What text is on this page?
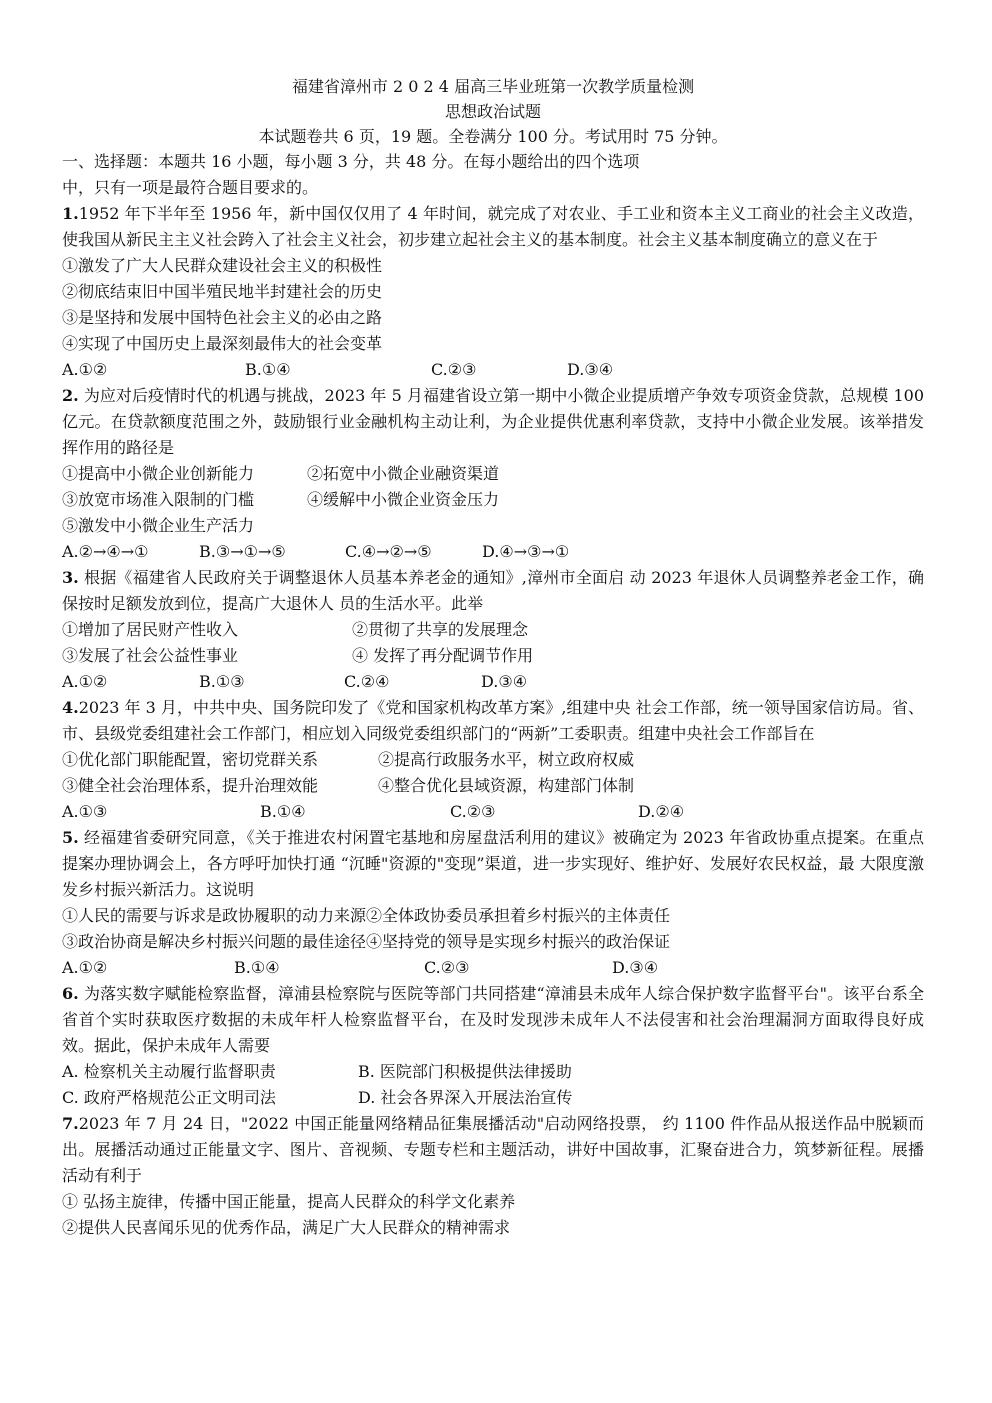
福建省漳州市 2 0 2 4 届高三毕业班第一次教学质量检测
思想政治试题
本试题卷共 6 页，19 题。全卷满分 100 分。考试用时 75 分钟。
一、选择题：本题共 16 小题，每小题 3 分，共 48 分。在每小题给出的四个选项
中，只有一项是最符合题目要求的。
1.1952 年下半年至 1956 年，新中国仅仅用了 4 年时间，就完成了对农业、手工业和资本主义工商业的社会主义改造，使我国从新民主主义社会跨入了社会主义社会，初步建立起社会主义的基本制度。社会主义基本制度确立的意义在于
①激发了广大人民群众建设社会主义的积极性
②彻底结束旧中国半殖民地半封建社会的历史
③是坚持和发展中国特色社会主义的必由之路
④实现了中国历史上最深刻最伟大的社会变革
A.①②	B.①④	C.②③	D.③④
2. 为应对后疫情时代的机遇与挑战，2023 年 5 月福建省设立第一期中小微企业提质增产争效专项资金贷款，总规模 100 亿元。在贷款额度范围之外，鼓励银行业金融机构主动让利，为企业提供优惠利率贷款，支持中小微企业发展。该举措发挥作用的路径是
①提高中小微企业创新能力	②拓宽中小微企业融资渠道
③放宽市场准入限制的门槛	④缓解中小微企业资金压力
⑤激发中小微企业生产活力
A.②→④→①	B.③→①→⑤	C.④→②→⑤	D.④→③→①
3. 根据《福建省人民政府关于调整退休人员基本养老金的通知》,漳州市全面启 动 2023 年退休人员调整养老金工作，确保按时足额发放到位，提高广大退休人 员的生活水平。此举
①增加了居民财产性收入	②贯彻了共享的发展理念
③发展了社会公益性事业	④ 发挥了再分配调节作用
A.①②	B.①③	C.②④	D.③④
4.2023 年 3 月，中共中央、国务院印发了《党和国家机构改革方案》,组建中央 社会工作部，统一领导国家信访局。省、市、县级党委组建社会工作部门，相应划入同级党委组织部门的“两新”工委职责。组建中央社会工作部旨在
①优化部门职能配置，密切党群关系	②提高行政服务水平，树立政府权威
③健全社会治理体系，提升治理效能	④整合优化县域资源，构建部门体制
A.①③	B.①④	C.②③	D.②④
5. 经福建省委研究同意，《关于推进农村闲置宅基地和房屋盘活利用的建议》被确定为 2023 年省政协重点提案。在重点提案办理协调会上，各方呼吁加快打通 “沉睡"资源的"变现”渠道，进一步实现好、维护好、发展好农民权益，最 大限度激发乡村振兴新活力。这说明
①人民的需要与诉求是政协履职的动力来源②全体政协委员承担着乡村振兴的主体责任
③政治协商是解决乡村振兴问题的最佳途径④坚持党的领导是实现乡村振兴的政治保证
A.①②	B.①④	C.②③	D.③④
6. 为落实数字赋能检察监督，漳浦县检察院与医院等部门共同搭建“漳浦县未成年人综合保护数字监督平台"。该平台系全省首个实时获取医疗数据的未成年杆人检察监督平台，在及时发现涉未成年人不法侵害和社会治理漏洞方面取得良好成效。据此，保护未成年人需要
A. 检察机关主动履行监督职责	B. 医院部门积极提供法律援助
C. 政府严格规范公正文明司法	D. 社会各界深入开展法治宣传
7.2023 年 7 月 24 日，"2022 中国正能量网络精品征集展播活动"启动网络投票， 约 1100 件作品从报送作品中脱颖而出。展播活动通过正能量文字、图片、音视频、专题专栏和主题活动，讲好中国故事，汇聚奋进合力，筑梦新征程。展播 活动有利于
① 弘扬主旋律，传播中国正能量，提高人民群众的科学文化素养
②提供人民喜闻乐见的优秀作品，满足广大人民群众的精神需求
